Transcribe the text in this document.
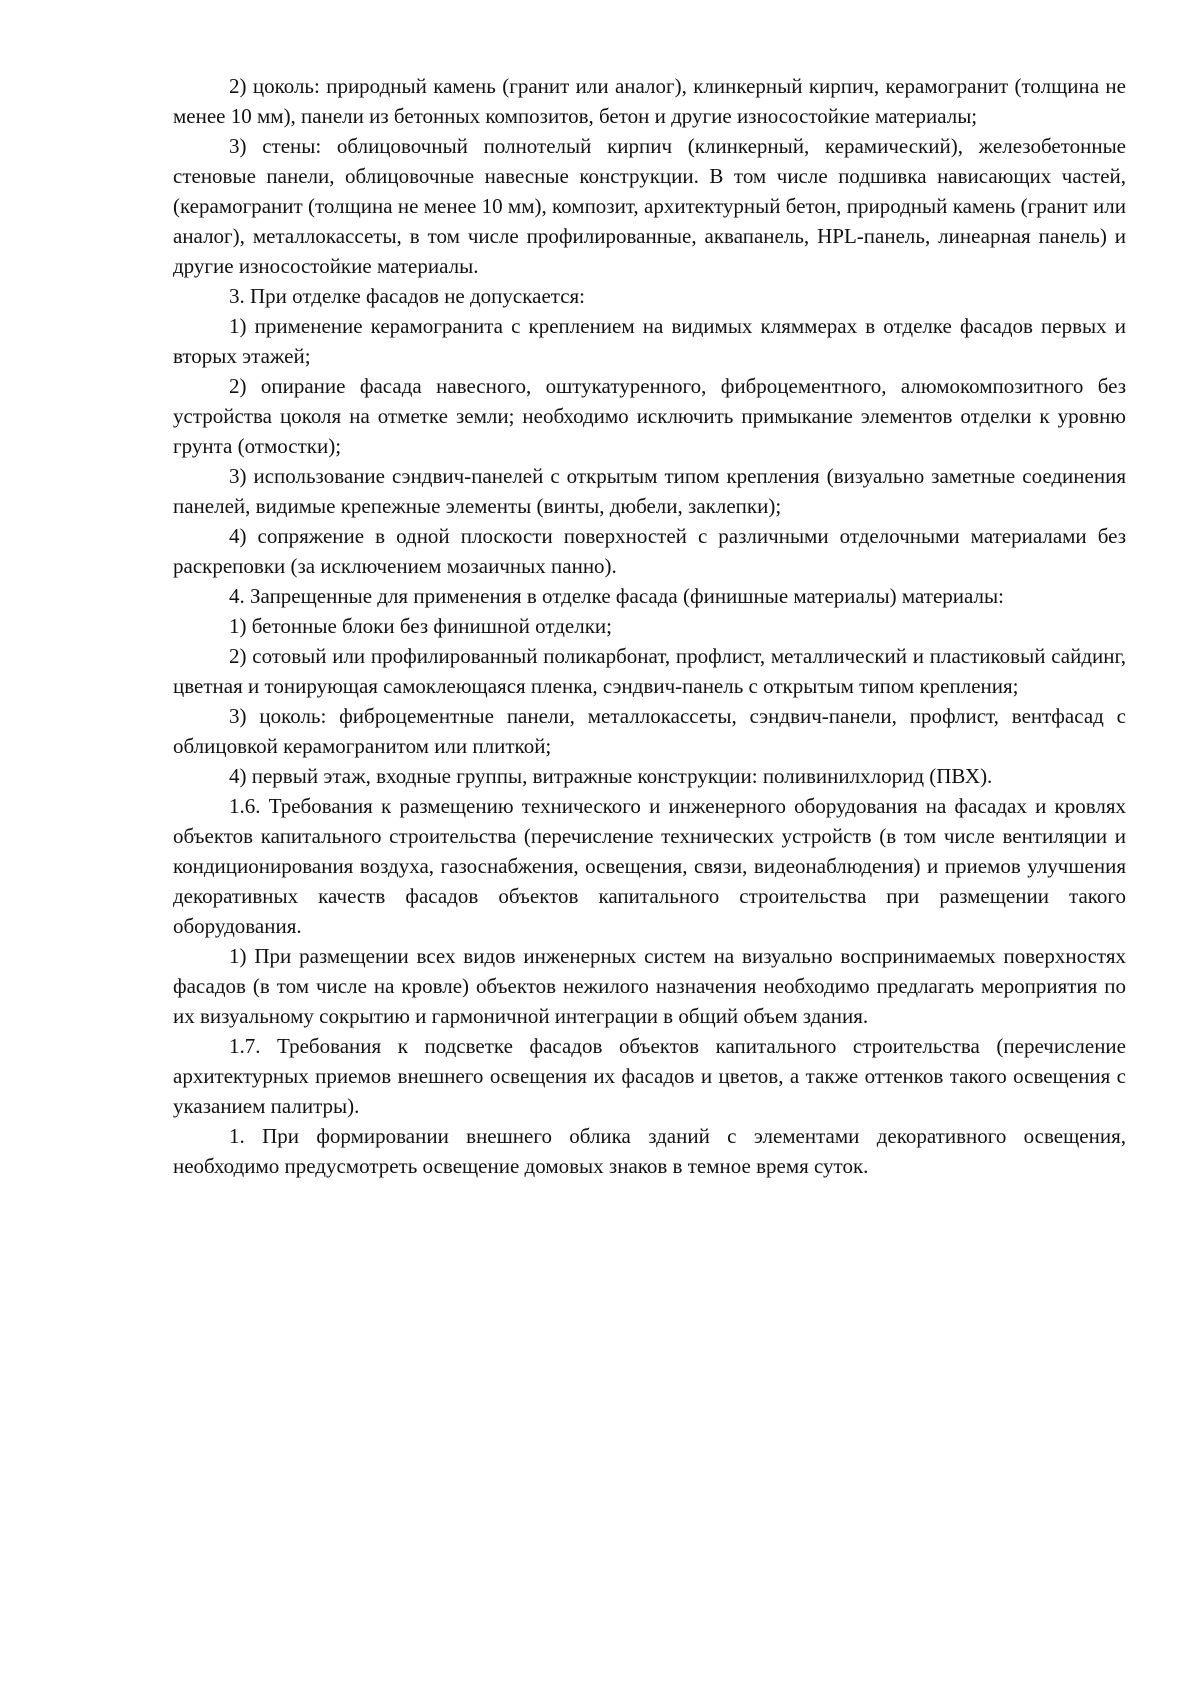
2) цоколь: природный камень (гранит или аналог), клинкерный кирпич, керамогранит (толщина не менее 10 мм), панели из бетонных композитов, бетон и другие износостойкие материалы;

3) стены: облицовочный полнотелый кирпич (клинкерный, керамический), железобетонные стеновые панели, облицовочные навесные конструкции. В том числе подшивка нависающих частей, (керамогранит (толщина не менее 10 мм), композит, архитектурный бетон, природный камень (гранит или аналог), металлокассеты, в том числе профилированные, аквапанель, HPL-панель, линеарная панель) и другие износостойкие материалы.

3. При отделке фасадов не допускается:

1) применение керамогранита с креплением на видимых кляммерах в отделке фасадов первых и вторых этажей;

2) опирание фасада навесного, оштукатуренного, фиброцементного, алюмокомпозитного без устройства цоколя на отметке земли; необходимо исключить примыкание элементов отделки к уровню грунта (отмостки);

3) использование сэндвич-панелей с открытым типом крепления (визуально заметные соединения панелей, видимые крепежные элементы (винты, дюбели, заклепки);

4) сопряжение в одной плоскости поверхностей с различными отделочными материалами без раскреповки (за исключением мозаичных панно).

4. Запрещенные для применения в отделке фасада (финишные материалы) материалы:

1) бетонные блоки без финишной отделки;

2) сотовый или профилированный поликарбонат, профлист, металлический и пластиковый сайдинг, цветная и тонирующая самоклеющаяся пленка, сэндвич-панель с открытым типом крепления;

3) цоколь: фиброцементные панели, металлокассеты, сэндвич-панели, профлист, вентфасад с облицовкой керамогранитом или плиткой;

4) первый этаж, входные группы, витражные конструкции: поливинилхлорид (ПВХ).

1.6. Требования к размещению технического и инженерного оборудования на фасадах и кровлях объектов капитального строительства (перечисление технических устройств (в том числе вентиляции и кондиционирования воздуха, газоснабжения, освещения, связи, видеонаблюдения) и приемов улучшения декоративных качеств фасадов объектов капитального строительства при размещении такого оборудования.

1) При размещении всех видов инженерных систем на визуально воспринимаемых поверхностях фасадов (в том числе на кровле) объектов нежилого назначения необходимо предлагать мероприятия по их визуальному сокрытию и гармоничной интеграции в общий объем здания.

1.7. Требования к подсветке фасадов объектов капитального строительства (перечисление архитектурных приемов внешнего освещения их фасадов и цветов, а также оттенков такого освещения с указанием палитры).

1. При формировании внешнего облика зданий с элементами декоративного освещения, необходимо предусмотреть освещение домовых знаков в темное время суток.
